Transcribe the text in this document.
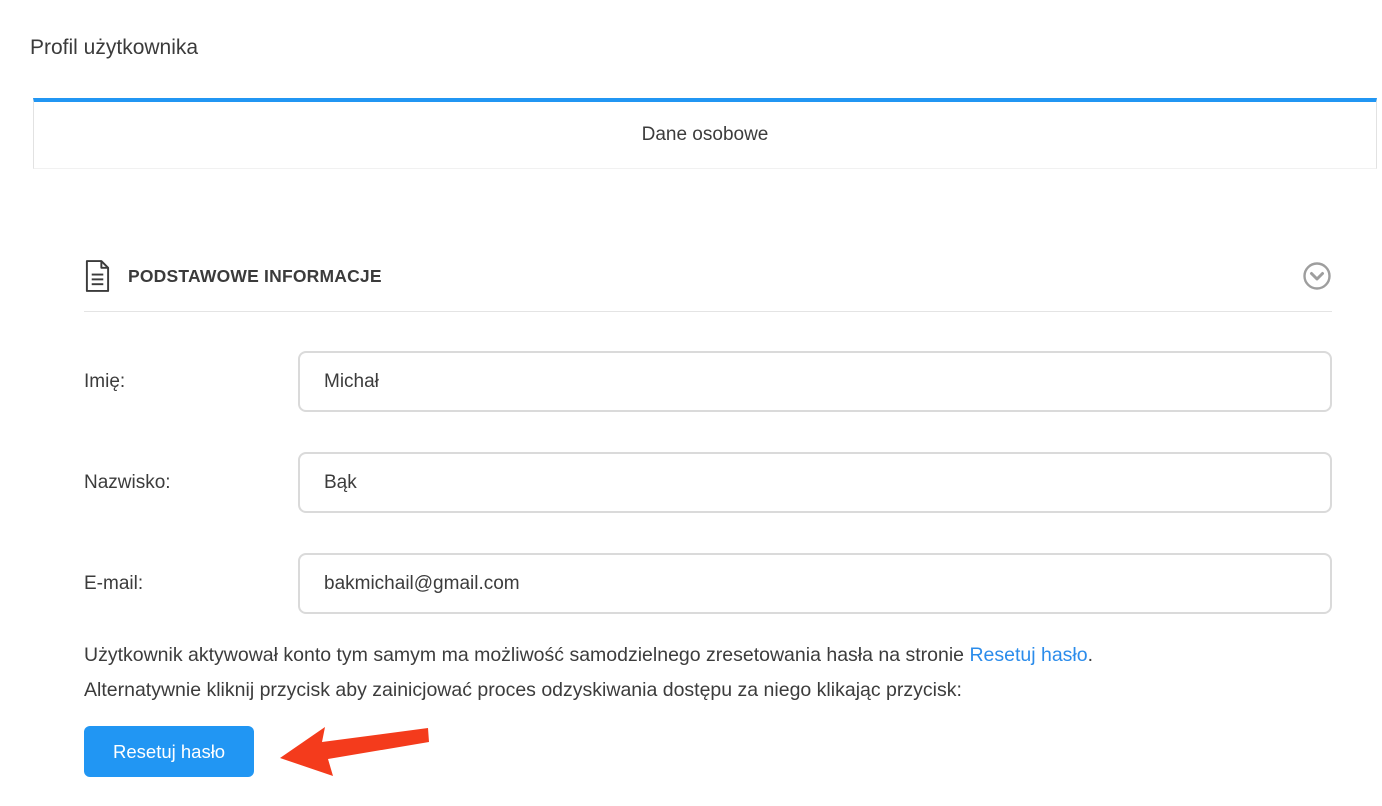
Profil użytkownika
Dane osobowe
PODSTAWOWE INFORMACJE
Imię:
Michał
Nazwisko:
Bąk
E-mail:
bakmichail@gmail.com
Użytkownik aktywował konto tym samym ma możliwość samodzielnego zresetowania hasła na stronie Resetuj hasło.
Alternatywnie kliknij przycisk aby zainicjować proces odzyskiwania dostępu za niego klikając przycisk:
Resetuj hasło
